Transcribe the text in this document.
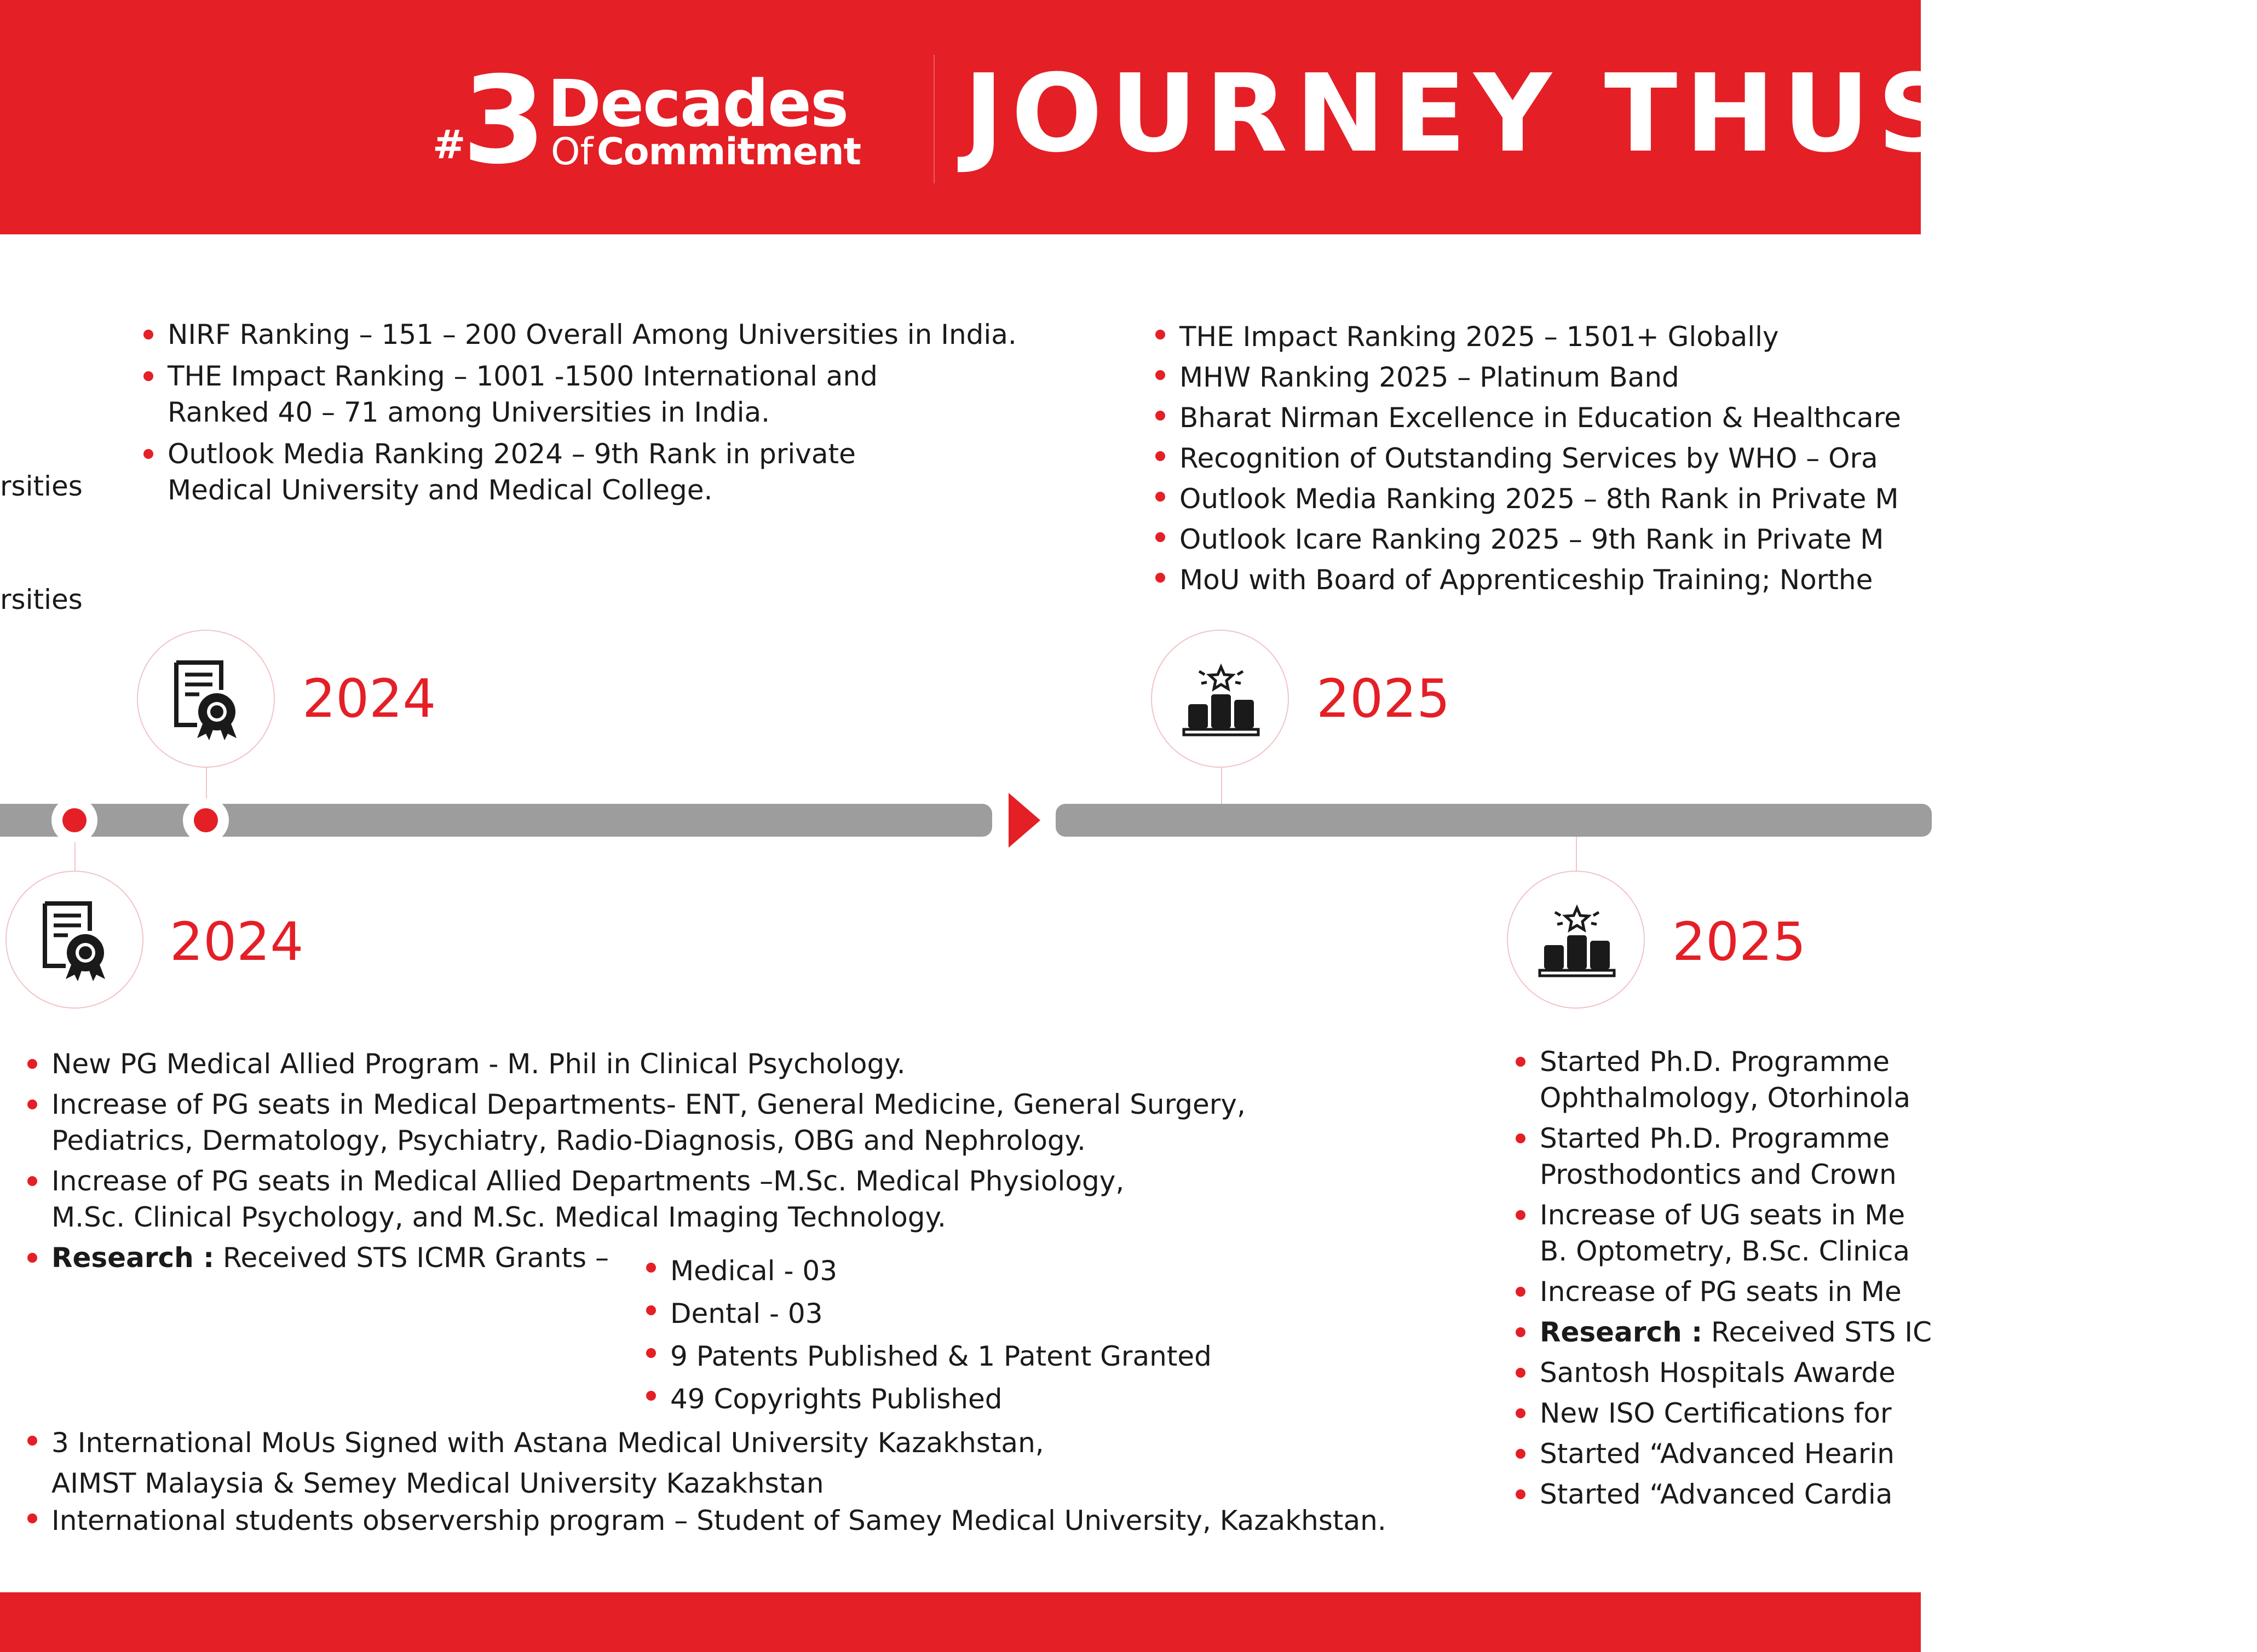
#
3 Decades
Of Commitment JOURNEY THUS FAR
rsities
rsities
NIRF Ranking – 151 – 200 Overall Among Universities in India.
THE Impact Ranking – 1001 -1500 International and
Ranked 40 – 71 among Universities in India.
Outlook Media Ranking 2024 – 9th Rank in private
Medical University and Medical College.
THE Impact Ranking 2025 – 1501+ Globally
MHW Ranking 2025 – Platinum Band
Bharat Nirman Excellence in Education & Healthcare
Recognition of Outstanding Services by WHO – Ora
Outlook Media Ranking 2025 – 8th Rank in Private M
Outlook Icare Ranking 2025 – 9th Rank in Private M
MoU with Board of Apprenticeship Training; Northe
2024	2025
2024	2025
New PG Medical Allied Program - M. Phil in Clinical Psychology.
Increase of PG seats in Medical Departments- ENT, General Medicine, General Surgery,
Pediatrics, Dermatology, Psychiatry, Radio-Diagnosis, OBG and Nephrology.
Increase of PG seats in Medical Allied Departments –M.Sc. Medical Physiology,
M.Sc. Clinical Psychology, and M.Sc. Medical Imaging Technology.
Research : Received STS ICMR Grants –	Medical - 03
Dental - 03
9 Patents Published & 1 Patent Granted
49 Copyrights Published
3 International MoUs Signed with Astana Medical University Kazakhstan,
AIMST Malaysia & Semey Medical University Kazakhstan
International students observership program – Student of Samey Medical University, Kazakhstan.
Started Ph.D. Programme
Ophthalmology, Otorhinola
Started Ph.D. Programme
Prosthodontics and Crown
Increase of UG seats in Me
B. Optometry, B.Sc. Clinica
Increase of PG seats in Me
Research : Received STS IC
Santosh Hospitals Awarde
New ISO Certifications for
Started “Advanced Hearin
Started “Advanced Cardia
